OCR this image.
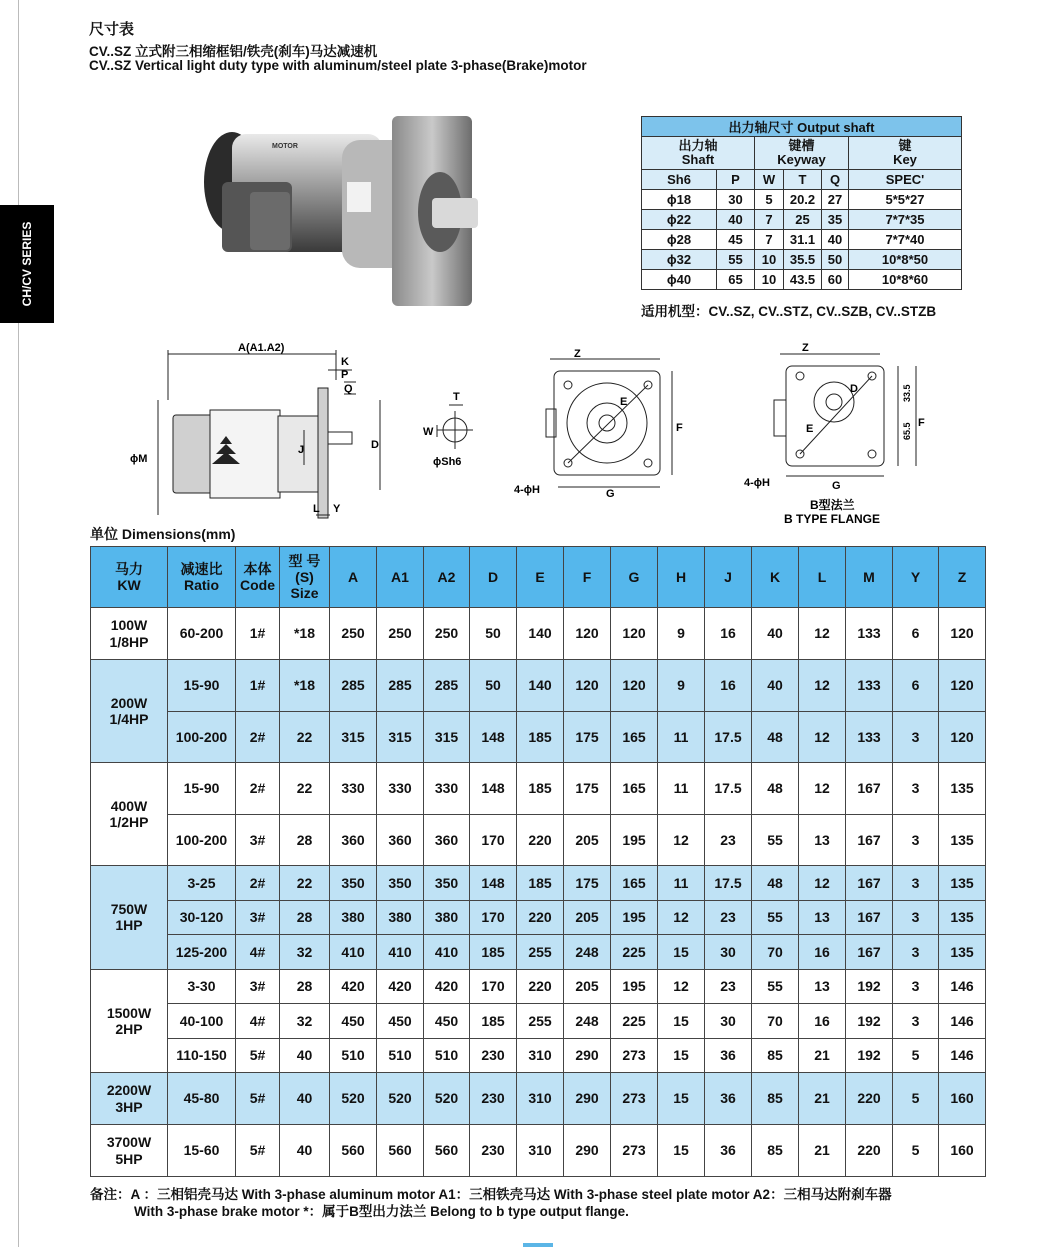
CH/CV SERIES
尺寸表
CV..SZ 立式附三相缩框铝/铁壳(刹车)马达减速机
CV..SZ Vertical light duty type with aluminum/steel plate 3-phase(Brake)motor
MOTOR
出力轴尺寸 Output shaft					
出力轴
Shaft		键槽
Keyway			键
Key
Sh6	P	W	T	Q	SPEC'
ϕ18	30	5	20.2	27	5*5*27
ϕ22	40	7	25	35	7*7*35
ϕ28	45	7	31.1	40	7*7*40
ϕ32	55	10	35.5	50	10*8*50
ϕ40	65	10	43.5	60	10*8*60
适用机型：CV..SZ, CV..STZ, CV..SZB, CV..STZB
A(A1.A2)
K
P
Q
D
J
ϕM
L Y
T
W
ϕSh6
Z
E
F
G
4-ϕH
Z
D
E	F
G
4-ϕH
33.5
65.5
B型法兰
B TYPE FLANGE
单位 Dimensions(mm)
马力
KW	减速比
Ratio	本体
Code	型 号
(S)
Size	A	A1	A2	D	E	F	G	H	J	K	L	M	Y	Z
100W
1/8HP	60-200	1#	*18	250	250	250	50	140	120	120	9	16	40	12	133	6	120
200W
1/4HP	15-90	1#	*18	285	285	285	50	140	120	120	9	16	40	12	133	6	120
	100-200	2#	22	315	315	315	148	185	175	165	11	17.5	48	12	133	3	120
400W
1/2HP	15-90	2#	22	330	330	330	148	185	175	165	11	17.5	48	12	167	3	135
	100-200	3#	28	360	360	360	170	220	205	195	12	23	55	13	167	3	135
750W
1HP	3-25	2#	22	350	350	350	148	185	175	165	11	17.5	48	12	167	3	135
	30-120	3#	28	380	380	380	170	220	205	195	12	23	55	13	167	3	135
	125-200	4#	32	410	410	410	185	255	248	225	15	30	70	16	167	3	135
1500W
2HP	3-30	3#	28	420	420	420	170	220	205	195	12	23	55	13	192	3	146
	40-100	4#	32	450	450	450	185	255	248	225	15	30	70	16	192	3	146
	110-150	5#	40	510	510	510	230	310	290	273	15	36	85	21	192	5	146
2200W
3HP	45-80	5#	40	520	520	520	230	310	290	273	15	36	85	21	220	5	160
3700W
5HP	15-60	5#	40	560	560	560	230	310	290	273	15	36	85	21	220	5	160
备注：A ：三相铝壳马达 With 3-phase aluminum motor A1：三相铁壳马达 With 3-phase steel plate motor A2：三相马达附刹车器
With 3-phase brake motor *：属于B型出力法兰 Belong to b type output flange.
